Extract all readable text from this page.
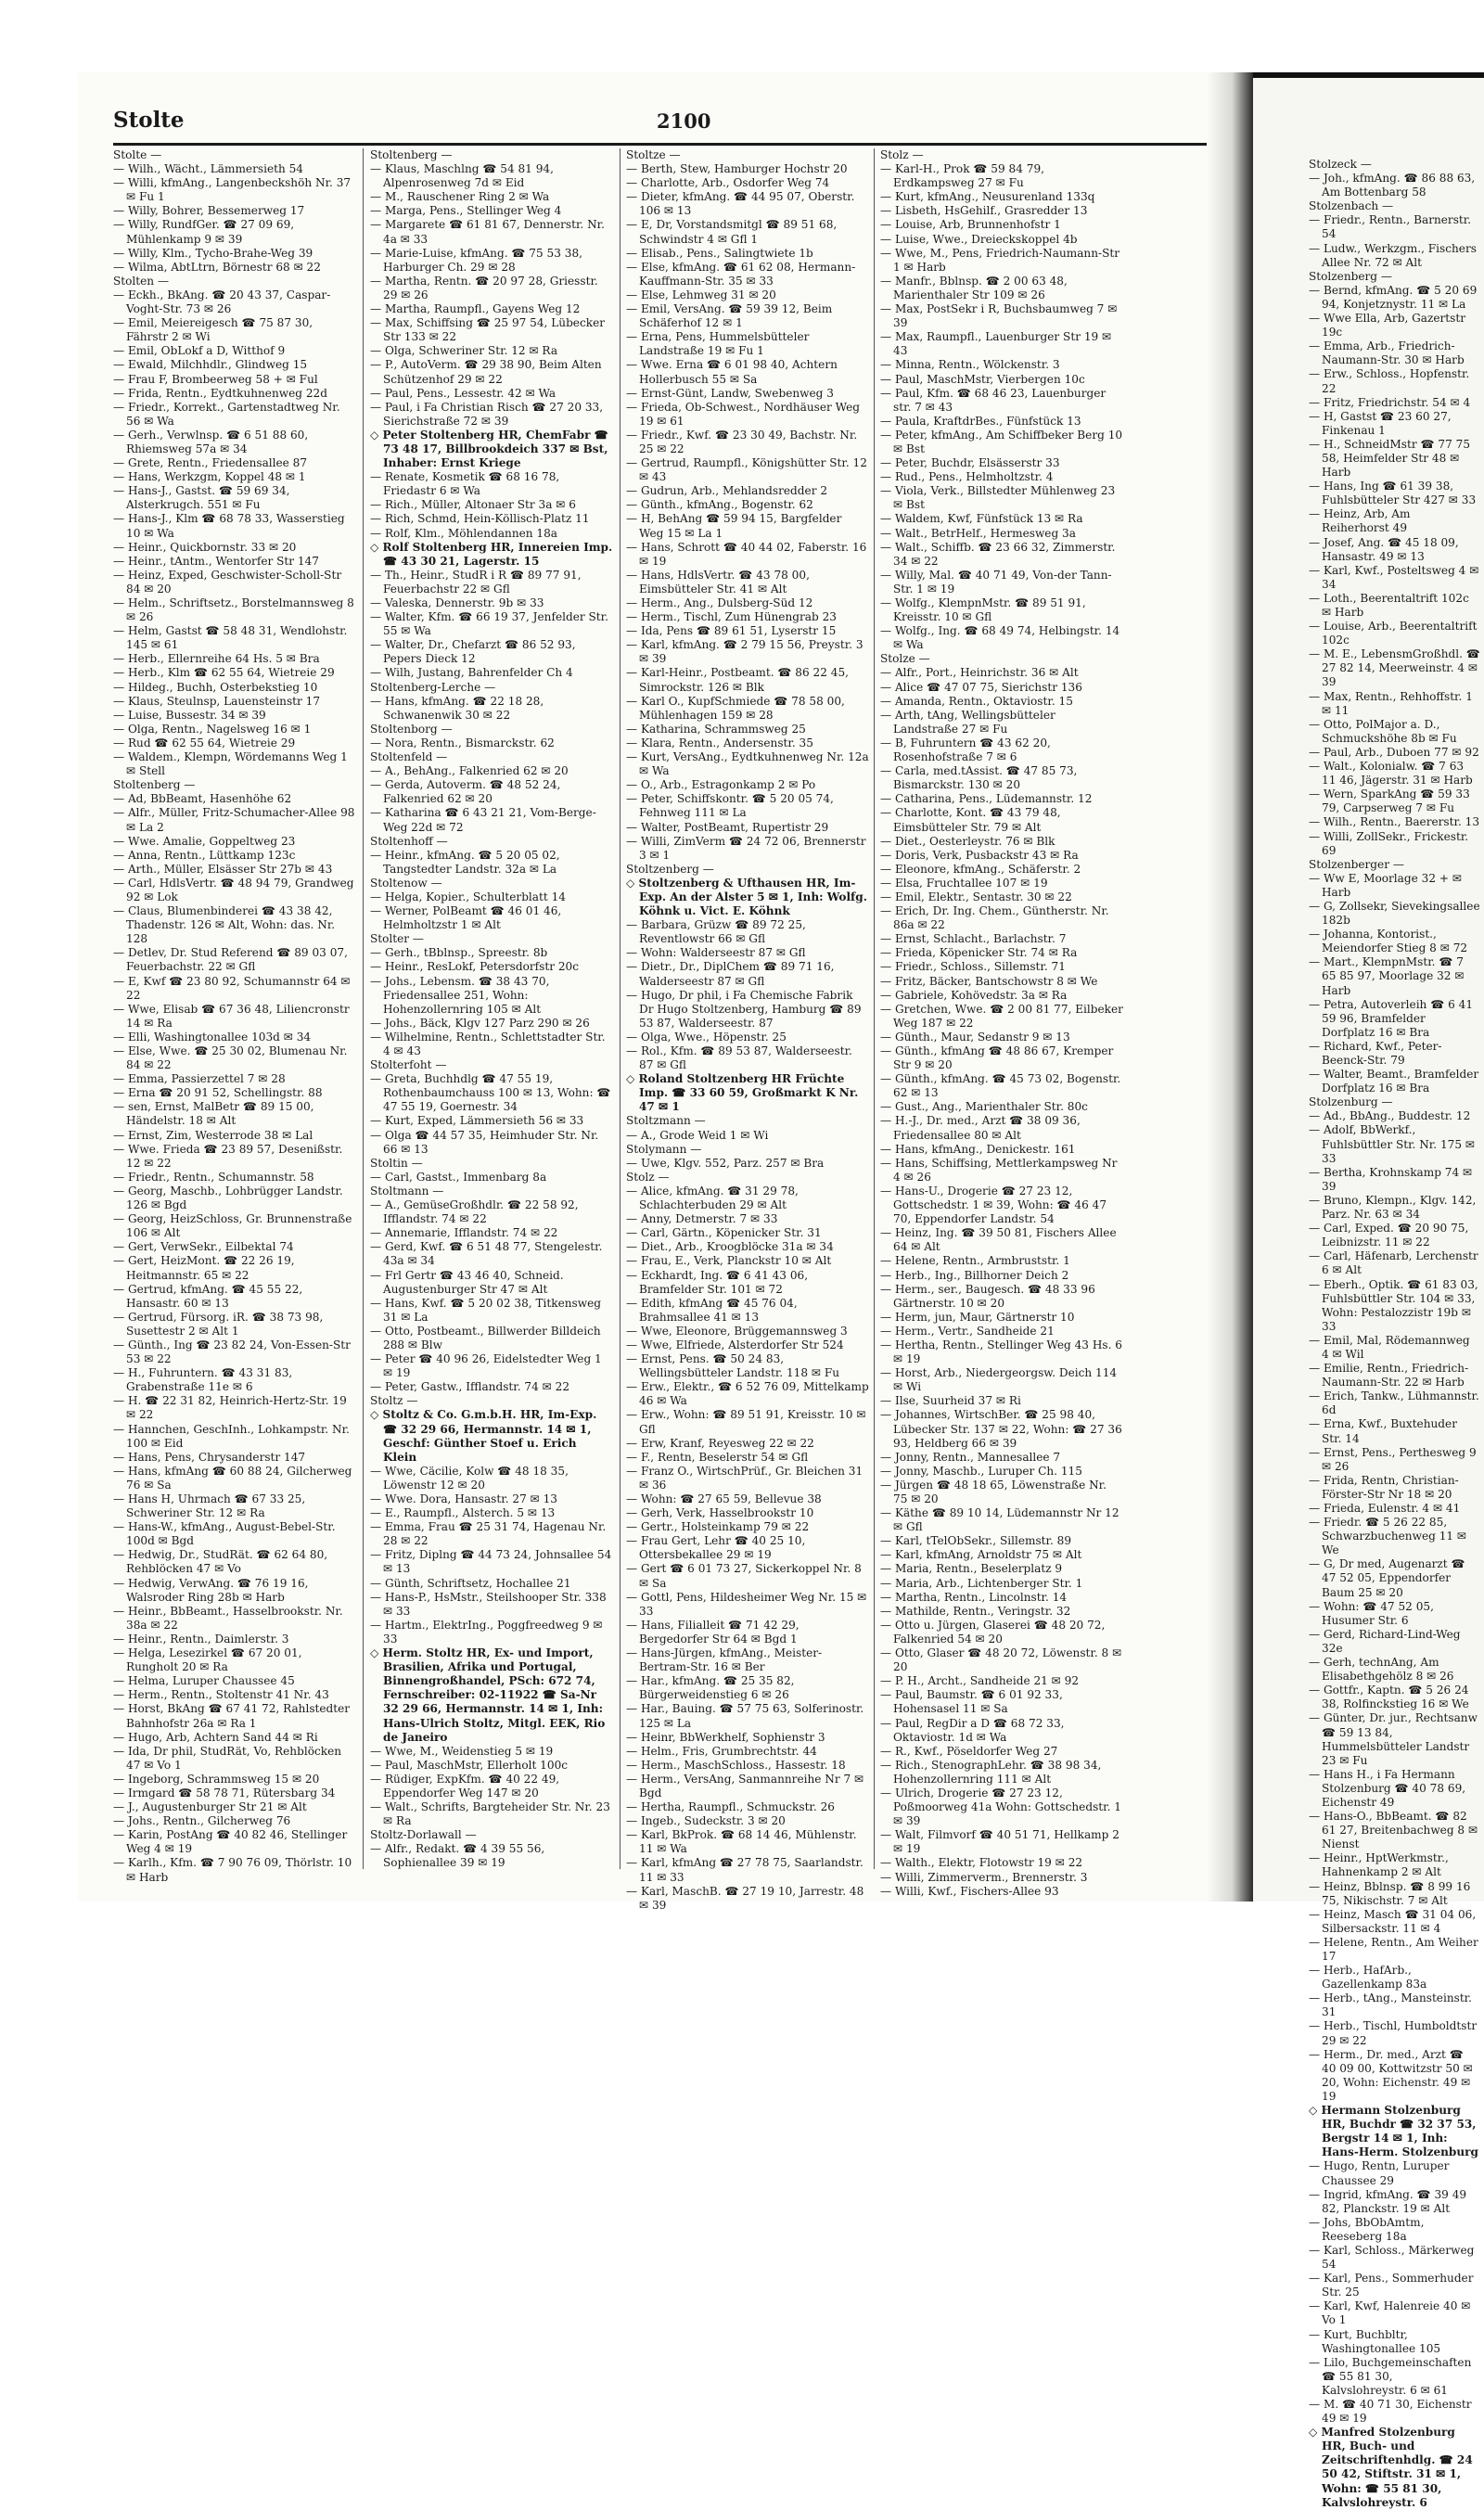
Stolte	2100

Stolte —

— Wilh., Wächt., Lämmersieth 54

— Willi, kfmAng., Langenbeckshöh Nr. 37 ✉ Fu 1

— Willy, Bohrer, Bessemerweg 17

— Willy, RundfGer. ☎ 27 09 69, Mühlenkamp 9 ✉ 39

— Willy, Klm., Tycho-Brahe-Weg 39

— Wilma, AbtLtrn, Börnestr 68 ✉ 22

Stolten —

— Eckh., BkAng. ☎ 20 43 37, Caspar-Voght-Str. 73 ✉ 26

— Emil, Meiereigesch ☎ 75 87 30, Fährstr 2 ✉ Wi

— Emil, ObLokf a D, Witthof 9

— Ewald, Milchhdlr., Glindweg 15

— Frau F, Brombeerweg 58 + ✉ Ful

— Frida, Rentn., Eydtkuhnenweg 22d

— Friedr., Korrekt., Gartenstadtweg Nr. 56 ✉ Wa

— Gerh., Verwlnsp. ☎ 6 51 88 60, Rhiemsweg 57a ✉ 34

— Grete, Rentn., Friedensallee 87

— Hans, Werkzgm, Koppel 48 ✉ 1

— Hans-J., Gastst. ☎ 59 69 34, Alsterkrugch. 551 ✉ Fu

— Hans-J., Klm ☎ 68 78 33, Wasserstieg 10 ✉ Wa

— Heinr., Quickbornstr. 33 ✉ 20

— Heinr., tAntm., Wentorfer Str 147

— Heinz, Exped, Geschwister-Scholl-Str 84 ✉ 20

— Helm., Schriftsetz., Borstelmannsweg 8 ✉ 26

— Helm, Gastst ☎ 58 48 31, Wendlohstr. 145 ✉ 61

— Herb., Ellernreihe 64 Hs. 5 ✉ Bra

— Herb., Klm ☎ 62 55 64, Wietreie 29

— Hildeg., Buchh, Osterbekstieg 10

— Klaus, Steulnsp, Lauensteinstr 17

— Luise, Bussestr. 34 ✉ 39

— Olga, Rentn., Nagelsweg 16 ✉ 1

— Rud ☎ 62 55 64, Wietreie 29

— Waldem., Klempn, Wördemanns Weg 1 ✉ Stell

Stoltenberg —

— Ad, BbBeamt, Hasenhöhe 62

— Alfr., Müller, Fritz-Schumacher-Allee 98 ✉ La 2

— Wwe. Amalie, Goppeltweg 23

— Anna, Rentn., Lüttkamp 123c

— Arth., Müller, Elsässer Str 27b ✉ 43

— Carl, HdlsVertr. ☎ 48 94 79, Grandweg 92 ✉ Lok

— Claus, Blumenbinderei ☎ 43 38 42, Thadenstr. 126 ✉ Alt, Wohn: das. Nr. 128

— Detlev, Dr. Stud Referend ☎ 89 03 07, Feuerbachstr. 22 ✉ Gfl

— E, Kwf ☎ 23 80 92, Schumannstr 64 ✉ 22

— Wwe, Elisab ☎ 67 36 48, Liliencronstr 14 ✉ Ra

— Elli, Washingtonallee 103d ✉ 34

— Else, Wwe. ☎ 25 30 02, Blumenau Nr. 84 ✉ 22

— Emma, Passierzettel 7 ✉ 28

— Erna ☎ 20 91 52, Schellingstr. 88

— sen, Ernst, MalBetr ☎ 89 15 00, Händelstr. 18 ✉ Alt

— Ernst, Zim, Westerrode 38 ✉ Lal

— Wwe. Frieda ☎ 23 89 57, Desenißstr. 12 ✉ 22

— Friedr., Rentn., Schumannstr. 58

— Georg, Maschb., Lohbrügger Landstr. 126 ✉ Bgd

— Georg, HeizSchloss, Gr. Brunnenstraße 106 ✉ Alt

— Gert, VerwSekr., Eilbektal 74

— Gert, HeizMont. ☎ 22 26 19, Heitmannstr. 65 ✉ 22

— Gertrud, kfmAng. ☎ 45 55 22, Hansastr. 60 ✉ 13

— Gertrud, Fürsorg. iR. ☎ 38 73 98, Susettestr 2 ✉ Alt 1

— Günth., Ing ☎ 23 82 24, Von-Essen-Str 53 ✉ 22

— H., Fuhruntern. ☎ 43 31 83, Grabenstraße 11e ✉ 6

— H. ☎ 22 31 82, Heinrich-Hertz-Str. 19 ✉ 22

— Hannchen, GeschInh., Lohkampstr. Nr. 100 ✉ Eid

— Hans, Pens, Chrysanderstr 147

— Hans, kfmAng ☎ 60 88 24, Gilcherweg 76 ✉ Sa

— Hans H, Uhrmach ☎ 67 33 25, Schweriner Str. 12 ✉ Ra

— Hans-W., kfmAng., August-Bebel-Str. 100d ✉ Bgd

— Hedwig, Dr., StudRät. ☎ 62 64 80, Rehblöcken 47 ✉ Vo

— Hedwig, VerwAng. ☎ 76 19 16, Walsroder Ring 28b ✉ Harb

— Heinr., BbBeamt., Hasselbrookstr. Nr. 38a ✉ 22

— Heinr., Rentn., Daimlerstr. 3

— Helga, Lesezirkel ☎ 67 20 01, Rungholt 20 ✉ Ra

— Helma, Luruper Chaussee 45

— Herm., Rentn., Stoltenstr 41 Nr. 43

— Horst, BkAng ☎ 67 41 72, Rahlstedter Bahnhofstr 26a ✉ Ra 1

— Hugo, Arb, Achtern Sand 44 ✉ Ri

— Ida, Dr phil, StudRät, Vo, Rehblöcken 47 ✉ Vo 1

— Ingeborg, Schrammsweg 15 ✉ 20

— Irmgard ☎ 58 78 71, Rütersbarg 34

— J., Augustenburger Str 21 ✉ Alt

— Johs., Rentn., Gilcherweg 76

— Karin, PostAng ☎ 40 82 46, Stellinger Weg 4 ✉ 19

— Karlh., Kfm. ☎ 7 90 76 09, Thörlstr. 10 ✉ Harb

Stoltenberg —

— Klaus, Maschlng ☎ 54 81 94, Alpenrosenweg 7d ✉ Eid

— M., Rauschener Ring 2 ✉ Wa

— Marga, Pens., Stellinger Weg 4

— Margarete ☎ 61 81 67, Dennerstr. Nr. 4a ✉ 33

— Marie-Luise, kfmAng. ☎ 75 53 38, Harburger Ch. 29 ✉ 28

— Martha, Rentn. ☎ 20 97 28, Griesstr. 29 ✉ 26

— Martha, Raumpfl., Gayens Weg 12

— Max, Schiffsing ☎ 25 97 54, Lübecker Str 133 ✉ 22

— Olga, Schweriner Str. 12 ✉ Ra

— P., AutoVerm. ☎ 29 38 90, Beim Alten Schützenhof 29 ✉ 22

— Paul, Pens., Lessestr. 42 ✉ Wa

— Paul, i Fa Christian Risch ☎ 27 20 33, Sierichstraße 72 ✉ 39

◇ Peter Stoltenberg HR, ChemFabr ☎ 73 48 17, Billbrookdeich 337 ✉ Bst, Inhaber: Ernst Kriege

— Renate, Kosmetik ☎ 68 16 78, Friedastr 6 ✉ Wa

— Rich., Müller, Altonaer Str 3a ✉ 6

— Rich, Schmd, Hein-Köllisch-Platz 11

— Rolf, Klm., Möhlendannen 18a

◇ Rolf Stoltenberg HR, Innereien Imp. ☎ 43 30 21, Lagerstr. 15

— Th., Heinr., StudR i R ☎ 89 77 91, Feuerbachstr 22 ✉ Gfl

— Valeska, Dennerstr. 9b ✉ 33

— Walter, Kfm. ☎ 66 19 37, Jenfelder Str. 55 ✉ Wa

— Walter, Dr., Chefarzt ☎ 86 52 93, Pepers Dieck 12

— Wilh, Justang, Bahrenfelder Ch 4

Stoltenberg-Lerche —

— Hans, kfmAng. ☎ 22 18 28, Schwanenwik 30 ✉ 22

Stoltenborg —

— Nora, Rentn., Bismarckstr. 62

Stoltenfeld —

— A., BehAng., Falkenried 62 ✉ 20

— Gerda, Autoverm. ☎ 48 52 24, Falkenried 62 ✉ 20

— Katharina ☎ 6 43 21 21, Vom-Berge-Weg 22d ✉ 72

Stoltenhoff —

— Heinr., kfmAng. ☎ 5 20 05 02, Tangstedter Landstr. 32a ✉ La

Stoltenow —

— Helga, Kopier., Schulterblatt 14

— Werner, PolBeamt ☎ 46 01 46, Helmholtzstr 1 ✉ Alt

Stolter —

— Gerh., tBblnsp., Spreestr. 8b

— Heinr., ResLokf, Petersdorfstr 20c

— Johs., Lebensm. ☎ 38 43 70, Friedensallee 251, Wohn: Hohenzollernring 105 ✉ Alt

— Johs., Bäck, Klgv 127 Parz 290 ✉ 26

— Wilhelmine, Rentn., Schlettstadter Str. 4 ✉ 43

Stolterfoht —

— Greta, Buchhdlg ☎ 47 55 19, Rothenbaumchauss 100 ✉ 13, Wohn: ☎ 47 55 19, Goernestr. 34

— Kurt, Exped, Lämmersieth 56 ✉ 33

— Olga ☎ 44 57 35, Heimhuder Str. Nr. 66 ✉ 13

Stoltin —

— Carl, Gastst., Immenbarg 8a

Stoltmann —

— A., GemüseGroßhdlr. ☎ 22 58 92, Ifflandstr. 74 ✉ 22

— Annemarie, Ifflandstr. 74 ✉ 22

— Gerd, Kwf. ☎ 6 51 48 77, Stengelestr. 43a ✉ 34

— Frl Gertr ☎ 43 46 40, Schneid. Augustenburger Str 47 ✉ Alt

— Hans, Kwf. ☎ 5 20 02 38, Titkensweg 31 ✉ La

— Otto, Postbeamt., Billwerder Billdeich 288 ✉ Blw

— Peter ☎ 40 96 26, Eidelstedter Weg 1 ✉ 19

— Peter, Gastw., Ifflandstr. 74 ✉ 22

Stoltz —

◇ Stoltz & Co. G.m.b.H. HR, Im-Exp. ☎ 32 29 66, Hermannstr. 14 ✉ 1, Geschf: Günther Stoef u. Erich Klein

— Wwe, Cäcilie, Kolw ☎ 48 18 35, Löwenstr 12 ✉ 20

— Wwe. Dora, Hansastr. 27 ✉ 13

— E., Raumpfl., Alsterch. 5 ✉ 13

— Emma, Frau ☎ 25 31 74, Hagenau Nr. 28 ✉ 22

— Fritz, Diplng ☎ 44 73 24, Johnsallee 54 ✉ 13

— Günth, Schriftsetz, Hochallee 21

— Hans-P., HsMstr., Steilshooper Str. 338 ✉ 33

— Hartm., ElektrIng., Poggfreedweg 9 ✉ 33

◇ Herm. Stoltz HR, Ex- und Import, Brasilien, Afrika und Portugal, Binnengroßhandel, PSch: 672 74, Fernschreiber: 02-11922 ☎ Sa-Nr 32 29 66, Hermannstr. 14 ✉ 1, Inh: Hans-Ulrich Stoltz, Mitgl. EEK, Rio de Janeiro

— Wwe, M., Weidenstieg 5 ✉ 19

— Paul, MaschMstr, Ellerholt 100c

— Rüdiger, ExpKfm. ☎ 40 22 49, Eppendorfer Weg 147 ✉ 20

— Walt., Schrifts, Bargteheider Str. Nr. 23 ✉ Ra

Stoltz-Dorlawall —

— Alfr., Redakt. ☎ 4 39 55 56, Sophienallee 39 ✉ 19

Stoltze —

— Berth, Stew, Hamburger Hochstr 20

— Charlotte, Arb., Osdorfer Weg 74

— Dieter, kfmAng. ☎ 44 95 07, Oberstr. 106 ✉ 13

— E, Dr, Vorstandsmitgl ☎ 89 51 68, Schwindstr 4 ✉ Gfl 1

— Elisab., Pens., Salingtwiete 1b

— Else, kfmAng. ☎ 61 62 08, Hermann-Kauffmann-Str. 35 ✉ 33

— Else, Lehmweg 31 ✉ 20

— Emil, VersAng. ☎ 59 39 12, Beim Schäferhof 12 ✉ 1

— Erna, Pens, Hummelsbütteler Landstraße 19 ✉ Fu 1

— Wwe. Erna ☎ 6 01 98 40, Achtern Hollerbusch 55 ✉ Sa

— Ernst-Günt, Landw, Swebenweg 3

— Frieda, Ob-Schwest., Nordhäuser Weg 19 ✉ 61

— Friedr., Kwf. ☎ 23 30 49, Bachstr. Nr. 25 ✉ 22

— Gertrud, Raumpfl., Königshütter Str. 12 ✉ 43

— Gudrun, Arb., Mehlandsredder 2

— Günth., kfmAng., Bogenstr. 62

— H, BehAng ☎ 59 94 15, Bargfelder Weg 15 ✉ La 1

— Hans, Schrott ☎ 40 44 02, Faberstr. 16 ✉ 19

— Hans, HdlsVertr. ☎ 43 78 00, Eimsbütteler Str. 41 ✉ Alt

— Herm., Ang., Dulsberg-Süd 12

— Herm., Tischl, Zum Hünengrab 23

— Ida, Pens ☎ 89 61 51, Lyserstr 15

— Karl, kfmAng. ☎ 2 79 15 56, Preystr. 3 ✉ 39

— Karl-Heinr., Postbeamt. ☎ 86 22 45, Simrockstr. 126 ✉ Blk

— Karl O., KupfSchmiede ☎ 78 58 00, Mühlenhagen 159 ✉ 28

— Katharina, Schrammsweg 25

— Klara, Rentn., Andersenstr. 35

— Kurt, VersAng., Eydtkuhnenweg Nr. 12a ✉ Wa

— O., Arb., Estragonkamp 2 ✉ Po

— Peter, Schiffskontr. ☎ 5 20 05 74, Fehnweg 111 ✉ La

— Walter, PostBeamt, Rupertistr 29

— Willi, ZimVerm ☎ 24 72 06, Brennerstr 3 ✉ 1

Stoltzenberg —

◇ Stoltzenberg & Ufthausen HR, Im-Exp. An der Alster 5 ✉ 1, Inh: Wolfg. Köhnk u. Vict. E. Köhnk

— Barbara, Grüzw ☎ 89 72 25, Reventlowstr 66 ✉ Gfl

— Wohn: Walderseestr 87 ✉ Gfl

— Dietr., Dr., DiplChem ☎ 89 71 16, Walderseestr 87 ✉ Gfl

— Hugo, Dr phil, i Fa Chemische Fabrik Dr Hugo Stoltzenberg, Hamburg ☎ 89 53 87, Walderseestr. 87

— Olga, Wwe., Höpenstr. 25

— Rol., Kfm. ☎ 89 53 87, Walderseestr. 87 ✉ Gfl

◇ Roland Stoltzenberg HR Früchte Imp. ☎ 33 60 59, Großmarkt K Nr. 47 ✉ 1

Stoltzmann —

— A., Grode Weid 1 ✉ Wi

Stolymann —

— Uwe, Klgv. 552, Parz. 257 ✉ Bra

Stolz —

— Alice, kfmAng. ☎ 31 29 78, Schlachterbuden 29 ✉ Alt

— Anny, Detmerstr. 7 ✉ 33

— Carl, Gärtn., Köpenicker Str. 31

— Diet., Arb., Kroogblöcke 31a ✉ 34

— Frau, E., Verk, Planckstr 10 ✉ Alt

— Eckhardt, Ing. ☎ 6 41 43 06, Bramfelder Str. 101 ✉ 72

— Edith, kfmAng ☎ 45 76 04, Brahmsallee 41 ✉ 13

— Wwe, Eleonore, Brüggemannsweg 3

— Wwe, Elfriede, Alsterdorfer Str 524

— Ernst, Pens. ☎ 50 24 83, Wellingsbütteler Landstr. 118 ✉ Fu

— Erw., Elektr., ☎ 6 52 76 09, Mittelkamp 46 ✉ Wa

— Erw., Wohn: ☎ 89 51 91, Kreisstr. 10 ✉ Gfl

— Erw, Kranf, Reyesweg 22 ✉ 22

— F., Rentn, Beselerstr 54 ✉ Gfl

— Franz O., WirtschPrüf., Gr. Bleichen 31 ✉ 36

— Wohn: ☎ 27 65 59, Bellevue 38

— Gerh, Verk, Hasselbrookstr 10

— Gertr., Holsteinkamp 79 ✉ 22

— Frau Gert, Lehr ☎ 40 25 10, Ottersbekallee 29 ✉ 19

— Gert ☎ 6 01 73 27, Sickerkoppel Nr. 8 ✉ Sa

— Gottl, Pens, Hildesheimer Weg Nr. 15 ✉ 33

— Hans, Filialleit ☎ 71 42 29, Bergedorfer Str 64 ✉ Bgd 1

— Hans-Jürgen, kfmAng., Meister-Bertram-Str. 16 ✉ Ber

— Har., kfmAng. ☎ 25 35 82, Bürgerweidenstieg 6 ✉ 26

— Har., Bauing. ☎ 57 75 63, Solferinostr. 125 ✉ La

— Heinr, BbWerkhelf, Sophienstr 3

— Helm., Fris, Grumbrechtstr. 44

— Herm., MaschSchloss., Hassestr. 18

— Herm., VersAng, Sanmannreihe Nr 7 ✉ Bgd

— Hertha, Raumpfl., Schmuckstr. 26

— Ingeb., Sudeckstr. 3 ✉ 20

— Karl, BkProk. ☎ 68 14 46, Mühlenstr. 11 ✉ Wa

— Karl, kfmAng ☎ 27 78 75, Saarlandstr. 11 ✉ 33

— Karl, MaschB. ☎ 27 19 10, Jarrestr. 48 ✉ 39

Stolz —

— Karl-H., Prok ☎ 59 84 79, Erdkampsweg 27 ✉ Fu

— Kurt, kfmAng., Neusurenland 133q

— Lisbeth, HsGehilf., Grasredder 13

— Louise, Arb, Brunnenhofstr 1

— Luise, Wwe., Dreieckskoppel 4b

— Wwe, M., Pens, Friedrich-Naumann-Str 1 ✉ Harb

— Manfr., Bblnsp. ☎ 2 00 63 48, Marienthaler Str 109 ✉ 26

— Max, PostSekr i R, Buchsbaumweg 7 ✉ 39

— Max, Raumpfl., Lauenburger Str 19 ✉ 43

— Minna, Rentn., Wölckenstr. 3

— Paul, MaschMstr, Vierbergen 10c

— Paul, Kfm. ☎ 68 46 23, Lauenburger str. 7 ✉ 43

— Paula, KraftdrBes., Fünfstück 13

— Peter, kfmAng., Am Schiffbeker Berg 10 ✉ Bst

— Peter, Buchdr, Elsässerstr 33

— Rud., Pens., Helmholtzstr. 4

— Viola, Verk., Billstedter Mühlenweg 23 ✉ Bst

— Waldem, Kwf, Fünfstück 13 ✉ Ra

— Walt., BetrHelf., Hermesweg 3a

— Walt., Schiffb. ☎ 23 66 32, Zimmerstr. 34 ✉ 22

— Willy, Mal. ☎ 40 71 49, Von-der Tann-Str. 1 ✉ 19

— Wolfg., KlempnMstr. ☎ 89 51 91, Kreisstr. 10 ✉ Gfl

— Wolfg., Ing. ☎ 68 49 74, Helbingstr. 14 ✉ Wa

Stolze —

— Alfr., Port., Heinrichstr. 36 ✉ Alt

— Alice ☎ 47 07 75, Sierichstr 136

— Amanda, Rentn., Oktaviostr. 15

— Arth, tAng, Wellingsbütteler Landstraße 27 ✉ Fu

— B, Fuhruntern ☎ 43 62 20, Rosenhofstraße 7 ✉ 6

— Carla, med.tAssist. ☎ 47 85 73, Bismarckstr. 130 ✉ 20

— Catharina, Pens., Lüdemannstr. 12

— Charlotte, Kont. ☎ 43 79 48, Eimsbütteler Str. 79 ✉ Alt

— Diet., Oesterleystr. 76 ✉ Blk

— Doris, Verk, Pusbackstr 43 ✉ Ra

— Eleonore, kfmAng., Schäferstr. 2

— Elsa, Fruchtallee 107 ✉ 19

— Emil, Elektr., Sentastr. 30 ✉ 22

— Erich, Dr. Ing. Chem., Güntherstr. Nr. 86a ✉ 22

— Ernst, Schlacht., Barlachstr. 7

— Frieda, Köpenicker Str. 74 ✉ Ra

— Friedr., Schloss., Sillemstr. 71

— Fritz, Bäcker, Bantschowstr 8 ✉ We

— Gabriele, Kohövedstr. 3a ✉ Ra

— Gretchen, Wwe. ☎ 2 00 81 77, Eilbeker Weg 187 ✉ 22

— Günth., Maur, Sedanstr 9 ✉ 13

— Günth., kfmAng ☎ 48 86 67, Kremper Str 9 ✉ 20

— Günth., kfmAng. ☎ 45 73 02, Bogenstr. 62 ✉ 13

— Gust., Ang., Marienthaler Str. 80c

— H.-J., Dr. med., Arzt ☎ 38 09 36, Friedensallee 80 ✉ Alt

— Hans, kfmAng., Denickestr. 161

— Hans, Schiffsing, Mettlerkampsweg Nr 4 ✉ 26

— Hans-U., Drogerie ☎ 27 23 12, Gottschedstr. 1 ✉ 39, Wohn: ☎ 46 47 70, Eppendorfer Landstr. 54

— Heinz, Ing. ☎ 39 50 81, Fischers Allee 64 ✉ Alt

— Helene, Rentn., Armbruststr. 1

— Herb., Ing., Billhorner Deich 2

— Herm., ser., Baugesch. ☎ 48 33 96 Gärtnerstr. 10 ✉ 20

— Herm, jun, Maur, Gärtnerstr 10

— Herm., Vertr., Sandheide 21

— Hertha, Rentn., Stellinger Weg 43 Hs. 6 ✉ 19

— Horst, Arb., Niedergeorgsw. Deich 114 ✉ Wi

— Ilse, Suurheid 37 ✉ Ri

— Johannes, WirtschBer. ☎ 25 98 40, Lübecker Str. 137 ✉ 22, Wohn: ☎ 27 36 93, Heldberg 66 ✉ 39

— Jonny, Rentn., Mannesallee 7

— Jonny, Maschb., Luruper Ch. 115

— Jürgen ☎ 48 18 65, Löwenstraße Nr. 75 ✉ 20

— Käthe ☎ 89 10 14, Lüdemannstr Nr 12 ✉ Gfl

— Karl, tTelObSekr., Sillemstr. 89

— Karl, kfmAng, Arnoldstr 75 ✉ Alt

— Maria, Rentn., Beselerplatz 9

— Maria, Arb., Lichtenberger Str. 1

— Martha, Rentn., Lincolnstr. 14

— Mathilde, Rentn., Veringstr. 32

— Otto u. Jürgen, Glaserei ☎ 48 20 72, Falkenried 54 ✉ 20

— Otto, Glaser ☎ 48 20 72, Löwenstr. 8 ✉ 20

— P. H., Archt., Sandheide 21 ✉ 92

— Paul, Baumstr. ☎ 6 01 92 33, Hohensasel 11 ✉ Sa

— Paul, RegDir a D ☎ 68 72 33, Oktaviostr. 1d ✉ Wa

— R., Kwf., Pöseldorfer Weg 27

— Rich., StenographLehr. ☎ 38 98 34, Hohenzollernring 111 ✉ Alt

— Ulrich, Drogerie ☎ 27 23 12, Poßmoorweg 41a Wohn: Gottschedstr. 1 ✉ 39

— Walt, Filmvorf ☎ 40 51 71, Hellkamp 2 ✉ 19

— Walth., Elektr, Flotowstr 19 ✉ 22

— Willi, Zimmerverm., Brennerstr. 3

— Willi, Kwf., Fischers-Allee 93

Stolzeck —

— Joh., kfmAng. ☎ 86 88 63, Am Bottenbarg 58

Stolzenbach —

— Friedr., Rentn., Barnerstr. 54

— Ludw., Werkzgm., Fischers Allee Nr. 72 ✉ Alt

Stolzenberg —

— Bernd, kfmAng. ☎ 5 20 69 94, Konjetznystr. 11 ✉ La

— Wwe Ella, Arb, Gazertstr 19c

— Emma, Arb., Friedrich-Naumann-Str. 30 ✉ Harb

— Erw., Schloss., Hopfenstr. 22

— Fritz, Friedrichstr. 54 ✉ 4

— H, Gastst ☎ 23 60 27, Finkenau 1

— H., SchneidMstr ☎ 77 75 58, Heimfelder Str 48 ✉ Harb

— Hans, Ing ☎ 61 39 38, Fuhlsbütteler Str 427 ✉ 33

— Heinz, Arb, Am Reiherhorst 49

— Josef, Ang. ☎ 45 18 09, Hansastr. 49 ✉ 13

— Karl, Kwf., Posteltsweg 4 ✉ 34

— Loth., Beerentaltrift 102c ✉ Harb

— Louise, Arb., Beerentaltrift 102c

— M. E., LebensmGroßhdl. ☎ 27 82 14, Meerweinstr. 4 ✉ 39

— Max, Rentn., Rehhoffstr. 1 ✉ 11

— Otto, PolMajor a. D., Schmuckshöhe 8b ✉ Fu

— Paul, Arb., Duboen 77 ✉ 92

— Walt., Kolonialw. ☎ 7 63 11 46, Jägerstr. 31 ✉ Harb

— Wern, SparkAng ☎ 59 33 79, Carpserweg 7 ✉ Fu

— Wilh., Rentn., Baererstr. 13

— Willi, ZollSekr., Frickestr. 69

Stolzenberger —

— Ww E, Moorlage 32 + ✉ Harb

— G, Zollsekr, Sievekingsallee 182b

— Johanna, Kontorist., Meiendorfer Stieg 8 ✉ 72

— Mart., KlempnMstr. ☎ 7 65 85 97, Moorlage 32 ✉ Harb

— Petra, Autoverleih ☎ 6 41 59 96, Bramfelder Dorfplatz 16 ✉ Bra

— Richard, Kwf., Peter-Beenck-Str. 79

— Walter, Beamt., Bramfelder Dorfplatz 16 ✉ Bra

Stolzenburg —

— Ad., BbAng., Buddestr. 12

— Adolf, BbWerkf., Fuhlsbüttler Str. Nr. 175 ✉ 33

— Bertha, Krohnskamp 74 ✉ 39

— Bruno, Klempn., Klgv. 142, Parz. Nr. 63 ✉ 34

— Carl, Exped. ☎ 20 90 75, Leibnizstr. 11 ✉ 22

— Carl, Häfenarb, Lerchenstr 6 ✉ Alt

— Eberh., Optik. ☎ 61 83 03, Fuhlsbüttler Str. 104 ✉ 33, Wohn: Pestalozzistr 19b ✉ 33

— Emil, Mal, Rödemannweg 4 ✉ Wil

— Emilie, Rentn., Friedrich-Naumann-Str. 22 ✉ Harb

— Erich, Tankw., Lühmannstr. 6d

— Erna, Kwf., Buxtehuder Str. 14

— Ernst, Pens., Perthesweg 9 ✉ 26

— Frida, Rentn, Christian-Förster-Str Nr 18 ✉ 20

— Frieda, Eulenstr. 4 ✉ 41

— Friedr. ☎ 5 26 22 85, Schwarzbuchenweg 11 ✉ We

— G, Dr med, Augenarzt ☎ 47 52 05, Eppendorfer Baum 25 ✉ 20

— Wohn: ☎ 47 52 05, Husumer Str. 6

— Gerd, Richard-Lind-Weg 32e

— Gerh, technAng, Am Elisabethgehölz 8 ✉ 26

— Gottfr., Kaptn. ☎ 5 26 24 38, Rolfinckstieg 16 ✉ We

— Günter, Dr. jur., Rechtsanw ☎ 59 13 84, Hummelsbütteler Landstr 23 ✉ Fu

— Hans H., i Fa Hermann Stolzenburg ☎ 40 78 69, Eichenstr 49

— Hans-O., BbBeamt. ☎ 82 61 27, Breitenbachweg 8 ✉ Nienst

— Heinr., HptWerkmstr., Hahnenkamp 2 ✉ Alt

— Heinz, Bblnsp. ☎ 8 99 16 75, Nikischstr. 7 ✉ Alt

— Heinz, Masch ☎ 31 04 06, Silbersackstr. 11 ✉ 4

— Helene, Rentn., Am Weiher 17

— Herb., HafArb., Gazellenkamp 83a

— Herb., tAng., Mansteinstr. 31

— Herb., Tischl, Humboldtstr 29 ✉ 22

— Herm., Dr. med., Arzt ☎ 40 09 00, Kottwitzstr 50 ✉ 20, Wohn: Eichenstr. 49 ✉ 19

◇ Hermann Stolzenburg HR, Buchdr ☎ 32 37 53, Bergstr 14 ✉ 1, Inh: Hans-Herm. Stolzenburg

— Hugo, Rentn, Luruper Chaussee 29

— Ingrid, kfmAng. ☎ 39 49 82, Planckstr. 19 ✉ Alt

— Johs, BbObAmtm, Reeseberg 18a

— Karl, Schloss., Märkerweg 54

— Karl, Pens., Sommerhuder Str. 25

— Karl, Kwf, Halenreie 40 ✉ Vo 1

— Kurt, Buchbltr, Washingtonallee 105

— Lilo, Buchgemeinschaften ☎ 55 81 30, Kalvslohreystr. 6 ✉ 61

— M. ☎ 40 71 30, Eichenstr 49 ✉ 19

◇ Manfred Stolzenburg HR, Buch- und Zeitschriftenhdlg. ☎ 24 50 42, Stiftstr. 31 ✉ 1, Wohn: ☎ 55 81 30, Kalvslohreystr. 6
